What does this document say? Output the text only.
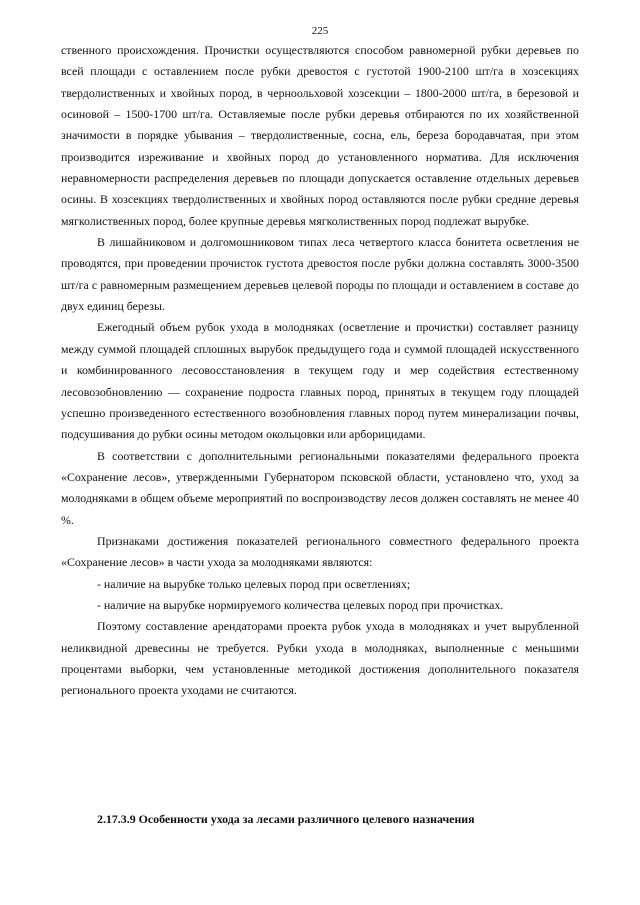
225

ственного происхождения. Прочистки осуществляются способом равномерной рубки деревьев по всей площади с оставлением после рубки древостоя с густотой 1900-2100 шт/га в хозсекциях твердолиственных и хвойных пород, в черноольховой хозсекции – 1800-2000 шт/га, в березовой и осиновой – 1500-1700 шт/га. Оставляемые после рубки деревья отбираются по их хозяйственной значимости в порядке убывания – твердолиственные, сосна, ель, береза бородавчатая, при этом производится изреживание и хвойных пород до установленного норматива. Для исключения неравномерности распределения деревьев по площади допускается оставление отдельных деревьев осины. В хозсекциях твердолиственных и хвойных пород оставляются после рубки средние деревья мягколиственных пород, более крупные деревья мягколиственных пород подлежат вырубке.

В лишайниковом и долгомошниковом типах леса четвертого класса бонитета осветления не проводятся, при проведении прочисток густота древостоя после рубки должна составлять 3000-3500 шт/га с равномерным размещением деревьев целевой породы по площади и оставлением в составе до двух единиц березы.

Ежегодный объем рубок ухода в молодняках (осветление и прочистки) составляет разницу между суммой площадей сплошных вырубок предыдущего года и суммой площадей искусственного и комбинированного лесовосстановления в текущем году и мер содействия естественному лесовозобновлению — сохранение подроста главных пород, принятых в текущем году площадей успешно произведенного естественного возобновления главных пород путем минерализации почвы, подсушивания до рубки осины методом окольцовки или арборицидами.

В соответствии с дополнительными региональными показателями федерального проекта «Сохранение лесов», утвержденными Губернатором псковской области, установлено что, уход за молодняками в общем объеме мероприятий по воспроизводству лесов должен составлять не менее 40 %.

Признаками достижения показателей регионального совместного федерального проекта «Сохранение лесов» в части ухода за молодняками являются:

- наличие на вырубке только целевых пород при осветлениях;

- наличие на вырубке нормируемого количества целевых пород при прочистках.

Поэтому составление арендаторами проекта рубок ухода в молодняках и учет вырубленной неликвидной древесины не требуется. Рубки ухода в молодняках, выполненные с меньшими процентами выборки, чем установленные методикой достижения дополнительного показателя регионального проекта уходами не считаются.

2.17.3.9 Особенности ухода за лесами различного целевого назначения
